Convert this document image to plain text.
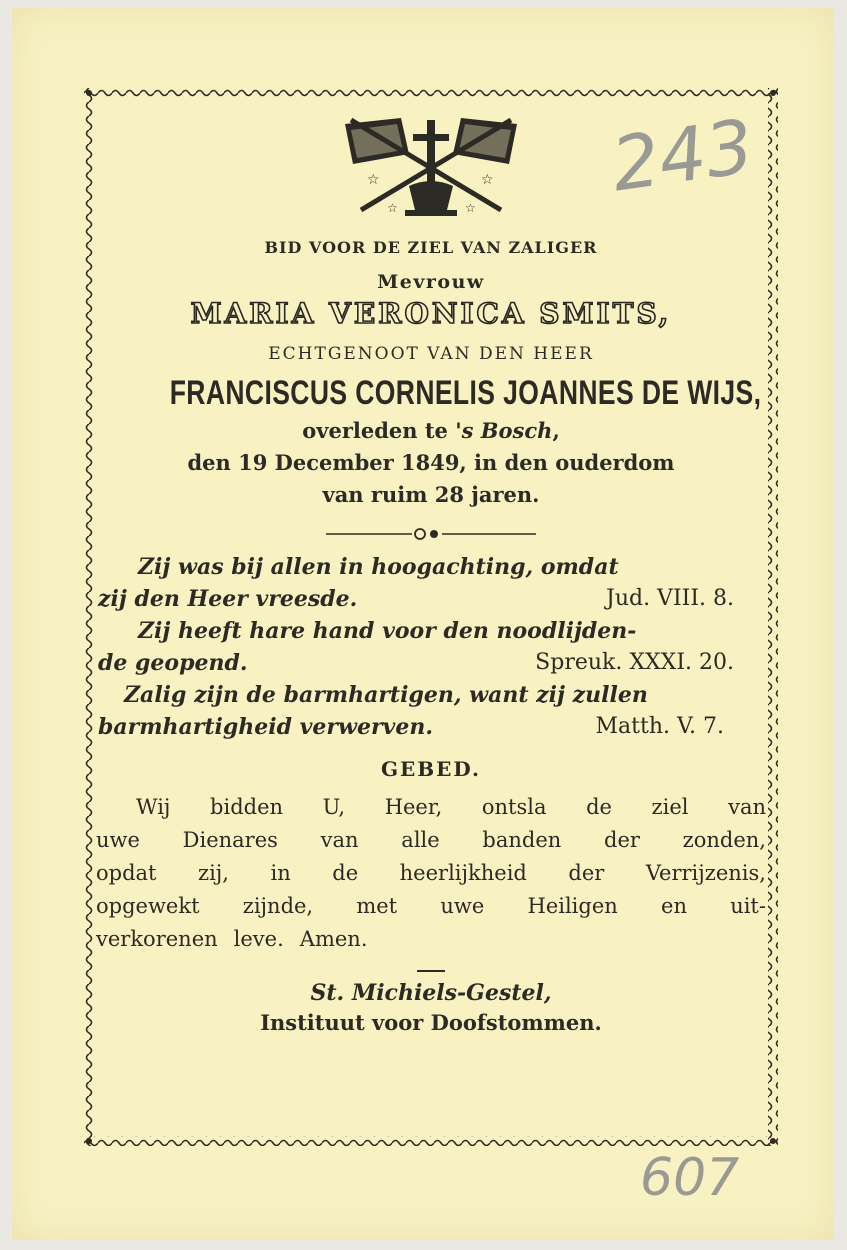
243
☆	☆
☆	☆
BID VOOR DE ZIEL VAN ZALIGER
Mevrouw
MARIA VERONICA SMITS,
ECHTGENOOT VAN DEN HEER
FRANCISCUS CORNELIS JOANNES DE WIJS,
overleden te 's Bosch,
den 19 December 1849, in den ouderdom
van ruim 28 jaren.
Zij was bij allen in hoogachting, omdat
zij den Heer vreesde.	Jud. VIII. 8.
Zij heeft hare hand voor den noodlijden-
de geopend.	Spreuk. XXXI. 20.
Zalig zijn de barmhartigen, want zij zullen
barmhartigheid verwerven.	Matth. V. 7.
GEBED.
Wij bidden U, Heer, ontsla de ziel van
uwe Dienares van alle banden der zonden,
opdat zij, in de heerlijkheid der Verrijzenis,
opgewekt zijnde, met uwe Heiligen en uit-
verkorenen leve. Amen.
St. Michiels-Gestel,
Instituut voor Doofstommen.
607
